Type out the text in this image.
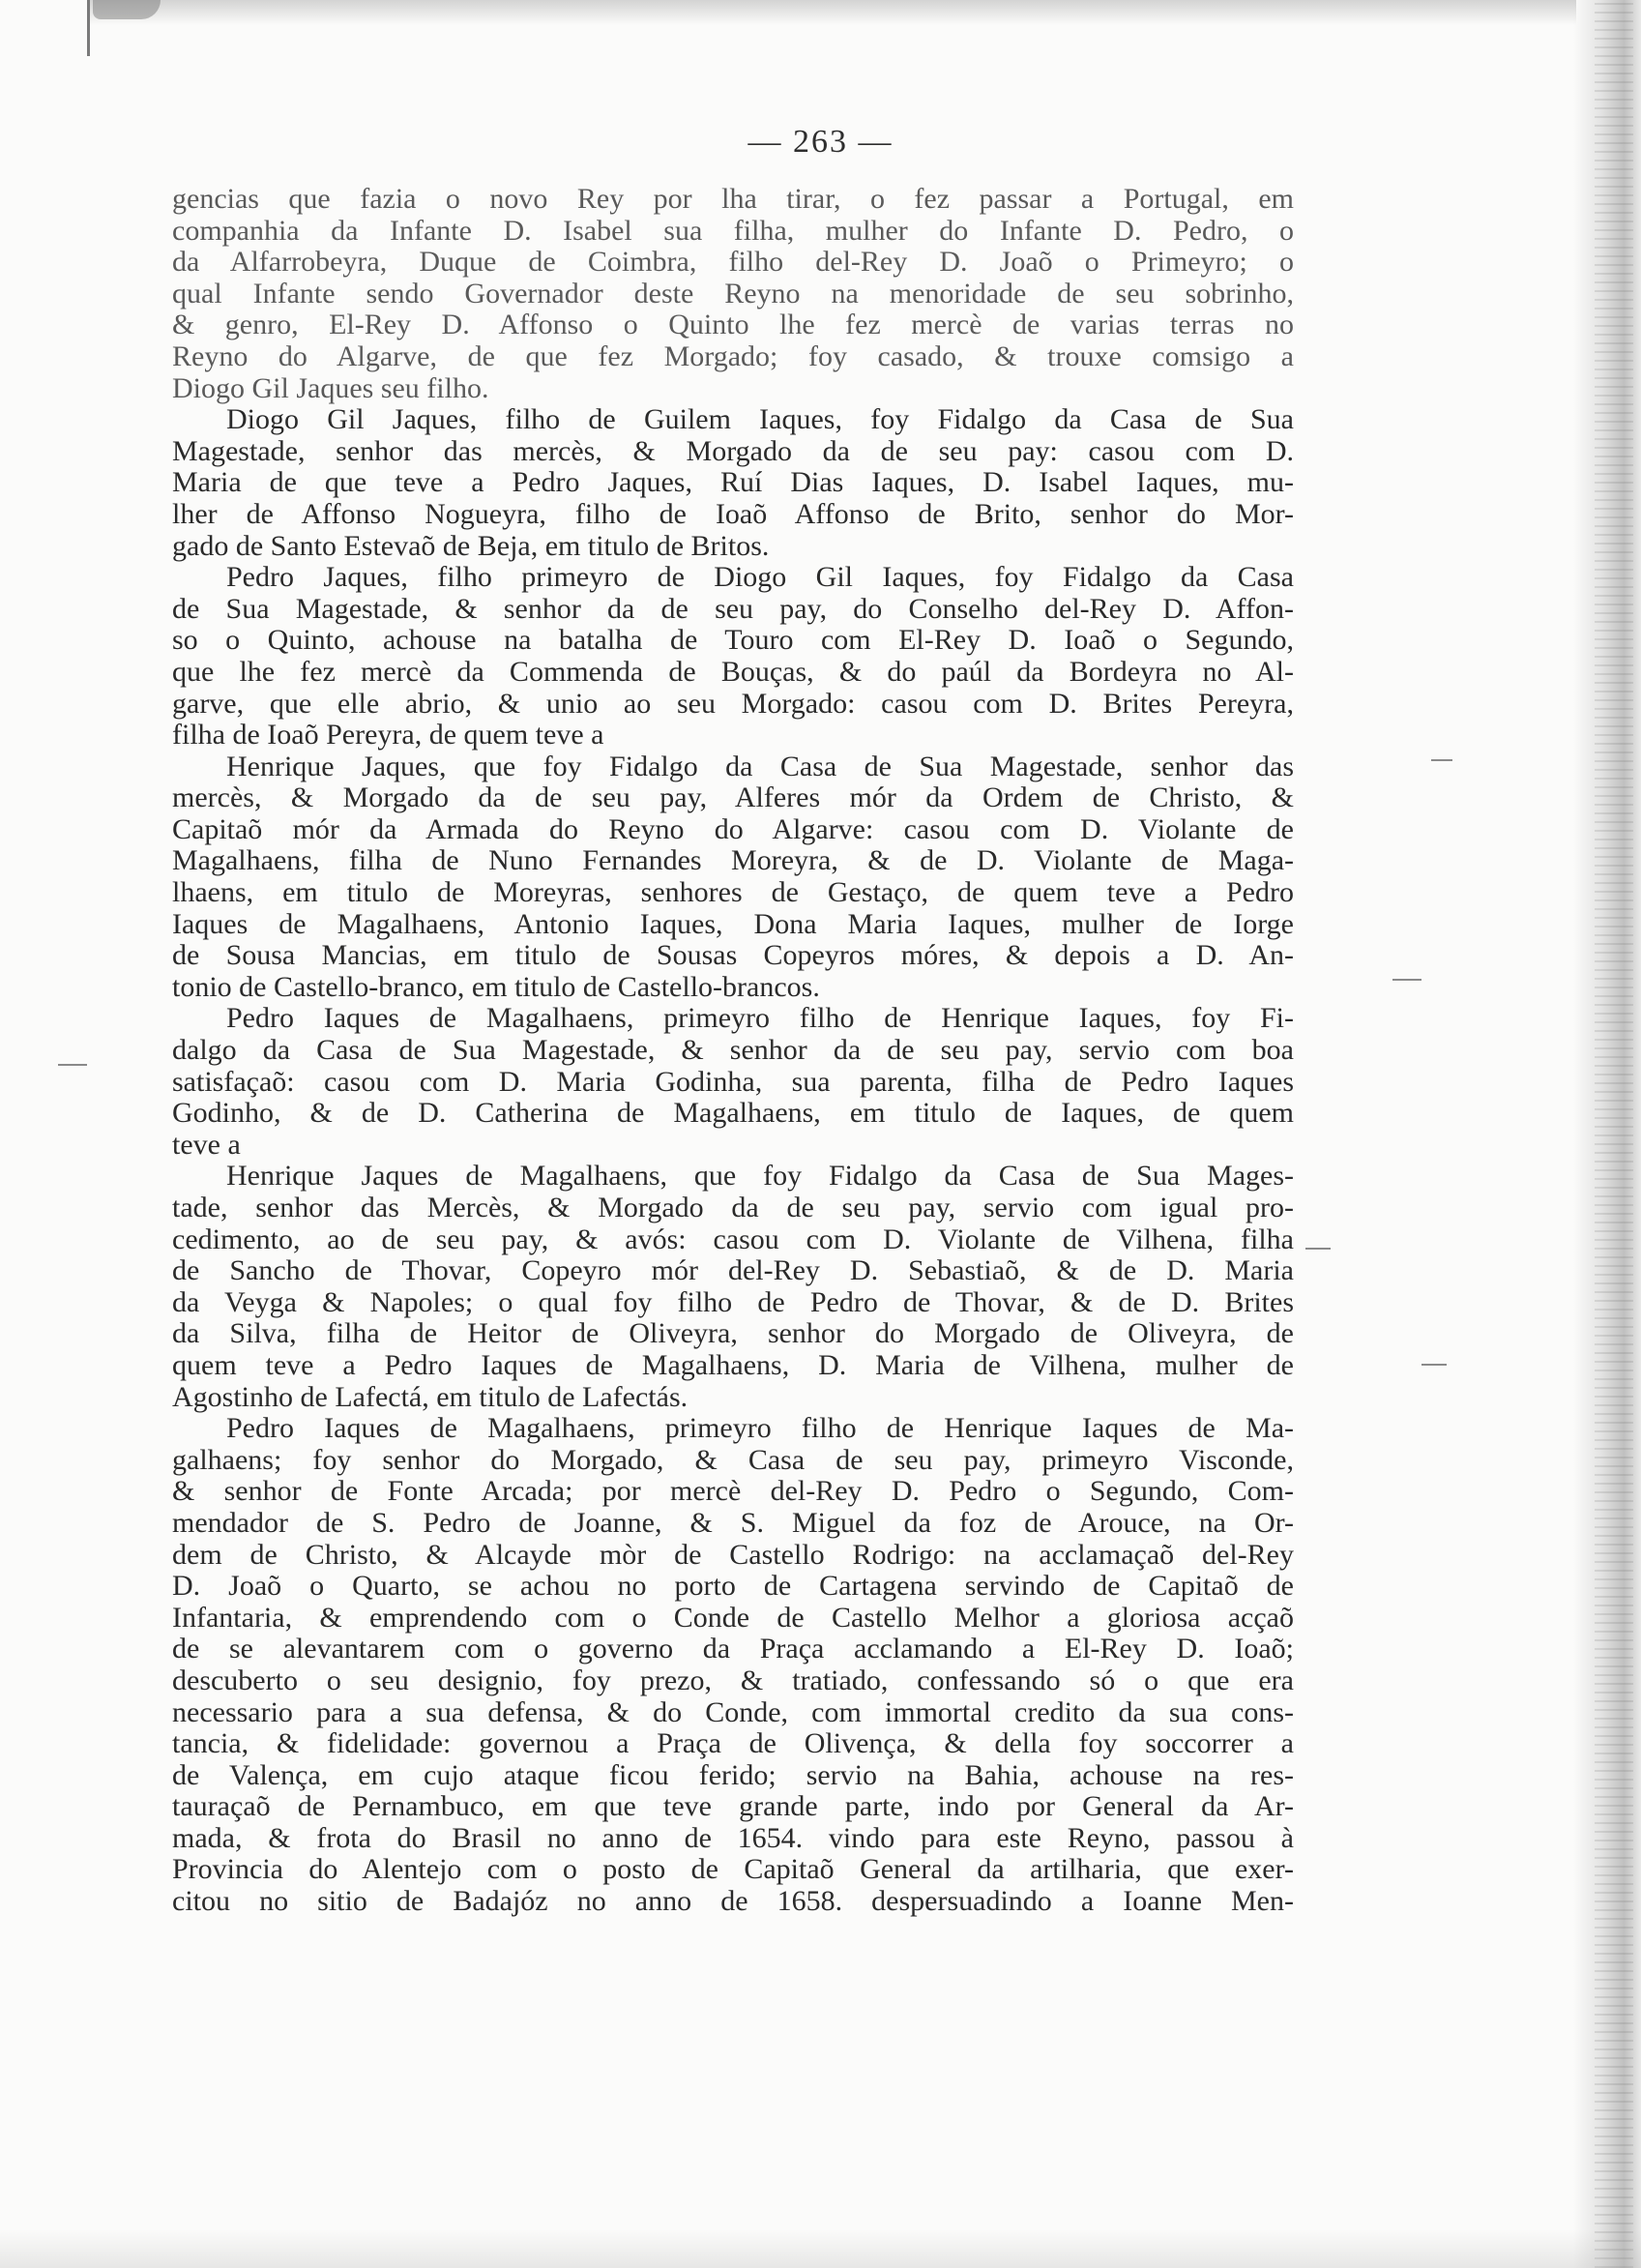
— 263 —

gencias que fazia o novo Rey por lha tirar, o fez passar a Portugal, em
companhia da Infante D. Isabel sua filha, mulher do Infante D. Pedro, o
da Alfarrobeyra, Duque de Coimbra, filho del-Rey D. Joaõ o Primeyro; o
qual Infante sendo Governador deste Reyno na menoridade de seu sobrinho,
& genro, El-Rey D. Affonso o Quinto lhe fez mercè de varias terras no
Reyno do Algarve, de que fez Morgado; foy casado, & trouxe comsigo a
Diogo Gil Jaques seu filho.

Diogo Gil Jaques, filho de Guilem Iaques, foy Fidalgo da Casa de Sua
Magestade, senhor das mercès, & Morgado da de seu pay: casou com D.
Maria de que teve a Pedro Jaques, Ruí Dias Iaques, D. Isabel Iaques, mu-
lher de Affonso Nogueyra, filho de Ioaõ Affonso de Brito, senhor do Mor-
gado de Santo Estevaõ de Beja, em titulo de Britos.

Pedro Jaques, filho primeyro de Diogo Gil Iaques, foy Fidalgo da Casa
de Sua Magestade, & senhor da de seu pay, do Conselho del-Rey D. Affon-
so o Quinto, achouse na batalha de Touro com El-Rey D. Ioaõ o Segundo,
que lhe fez mercè da Commenda de Bouças, & do paúl da Bordeyra no Al-
garve, que elle abrio, & unio ao seu Morgado: casou com D. Brites Pereyra,
filha de Ioaõ Pereyra, de quem teve a

Henrique Jaques, que foy Fidalgo da Casa de Sua Magestade, senhor das
mercès, & Morgado da de seu pay, Alferes mór da Ordem de Christo, &
Capitaõ mór da Armada do Reyno do Algarve: casou com D. Violante de
Magalhaens, filha de Nuno Fernandes Moreyra, & de D. Violante de Maga-
lhaens, em titulo de Moreyras, senhores de Gestaço, de quem teve a Pedro
Iaques de Magalhaens, Antonio Iaques, Dona Maria Iaques, mulher de Iorge
de Sousa Mancias, em titulo de Sousas Copeyros móres, & depois a D. An-
tonio de Castello-branco, em titulo de Castello-brancos.

Pedro Iaques de Magalhaens, primeyro filho de Henrique Iaques, foy Fi-
dalgo da Casa de Sua Magestade, & senhor da de seu pay, servio com boa
satisfaçaõ: casou com D. Maria Godinha, sua parenta, filha de Pedro Iaques
Godinho, & de D. Catherina de Magalhaens, em titulo de Iaques, de quem
teve a

Henrique Jaques de Magalhaens, que foy Fidalgo da Casa de Sua Mages-
tade, senhor das Mercès, & Morgado da de seu pay, servio com igual pro-
cedimento, ao de seu pay, & avós: casou com D. Violante de Vilhena, filha
de Sancho de Thovar, Copeyro mór del-Rey D. Sebastiaõ, & de D. Maria
da Veyga & Napoles; o qual foy filho de Pedro de Thovar, & de D. Brites
da Silva, filha de Heitor de Oliveyra, senhor do Morgado de Oliveyra, de
quem teve a Pedro Iaques de Magalhaens, D. Maria de Vilhena, mulher de
Agostinho de Lafectá, em titulo de Lafectás.

Pedro Iaques de Magalhaens, primeyro filho de Henrique Iaques de Ma-
galhaens; foy senhor do Morgado, & Casa de seu pay, primeyro Visconde,
& senhor de Fonte Arcada; por mercè del-Rey D. Pedro o Segundo, Com-
mendador de S. Pedro de Joanne, & S. Miguel da foz de Arouce, na Or-
dem de Christo, & Alcayde mòr de Castello Rodrigo: na acclamaçaõ del-Rey
D. Joaõ o Quarto, se achou no porto de Cartagena servindo de Capitaõ de
Infantaria, & emprendendo com o Conde de Castello Melhor a gloriosa acçaõ
de se alevantarem com o governo da Praça acclamando a El-Rey D. Ioaõ;
descuberto o seu designio, foy prezo, & tratiado, confessando só o que era
necessario para a sua defensa, & do Conde, com immortal credito da sua cons-
tancia, & fidelidade: governou a Praça de Olivença, & della foy soccorrer a
de Valença, em cujo ataque ficou ferido; servio na Bahia, achouse na res-
tauraçaõ de Pernambuco, em que teve grande parte, indo por General da Ar-
mada, & frota do Brasil no anno de 1654. vindo para este Reyno, passou à
Provincia do Alentejo com o posto de Capitaõ General da artilharia, que exer-
citou no sitio de Badajóz no anno de 1658. despersuadindo a Ioanne Men-
